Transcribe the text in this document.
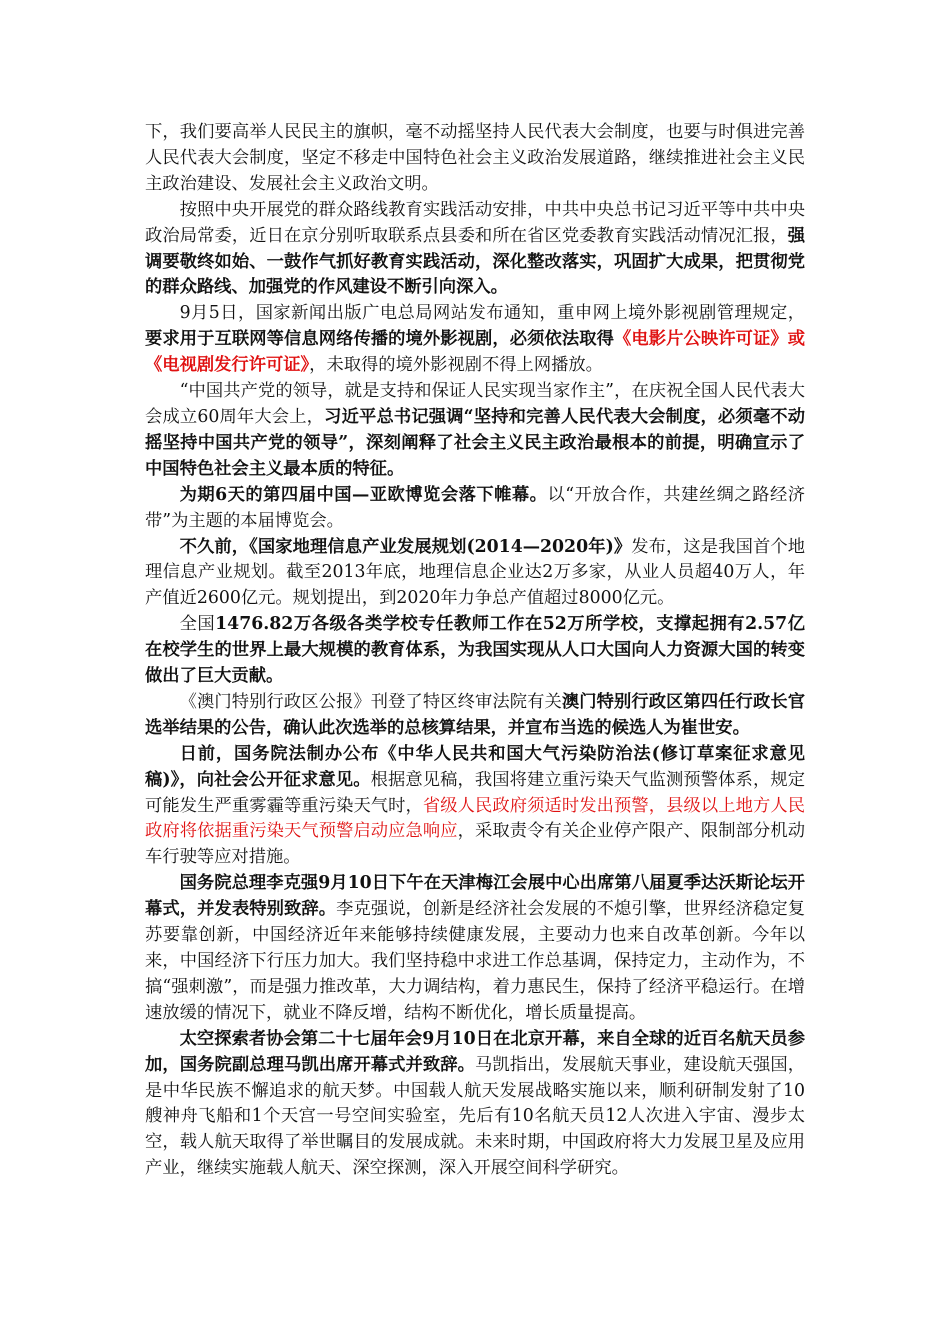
下，我们要高举人民民主的旗帜，毫不动摇坚持人民代表大会制度，也要与时俱进完善人民代表大会制度，坚定不移走中国特色社会主义政治发展道路，继续推进社会主义民主政治建设、发展社会主义政治文明。

按照中央开展党的群众路线教育实践活动安排，中共中央总书记习近平等中共中央政治局常委，近日在京分别听取联系点县委和所在省区党委教育实践活动情况汇报，强调要敬终如始、一鼓作气抓好教育实践活动，深化整改落实，巩固扩大成果，把贯彻党的群众路线、加强党的作风建设不断引向深入。

9月5日，国家新闻出版广电总局网站发布通知，重申网上境外影视剧管理规定，要求用于互联网等信息网络传播的境外影视剧，必须依法取得《电影片公映许可证》或《电视剧发行许可证》，未取得的境外影视剧不得上网播放。

“中国共产党的领导，就是支持和保证人民实现当家作主”，在庆祝全国人民代表大会成立60周年大会上，习近平总书记强调“坚持和完善人民代表大会制度，必须毫不动摇坚持中国共产党的领导”，深刻阐释了社会主义民主政治最根本的前提，明确宣示了中国特色社会主义最本质的特征。

为期6天的第四届中国—亚欧博览会落下帷幕。以“开放合作，共建丝绸之路经济带”为主题的本届博览会。

不久前，《国家地理信息产业发展规划(2014—2020年)》发布，这是我国首个地理信息产业规划。截至2013年底，地理信息企业达2万多家，从业人员超40万人，年产值近2600亿元。规划提出，到2020年力争总产值超过8000亿元。

全国1476.82万各级各类学校专任教师工作在52万所学校，支撑起拥有2.57亿在校学生的世界上最大规模的教育体系，为我国实现从人口大国向人力资源大国的转变做出了巨大贡献。

《澳门特别行政区公报》刊登了特区终审法院有关澳门特别行政区第四任行政长官选举结果的公告，确认此次选举的总核算结果，并宣布当选的候选人为崔世安。

日前，国务院法制办公布《中华人民共和国大气污染防治法(修订草案征求意见稿)》，向社会公开征求意见。根据意见稿，我国将建立重污染天气监测预警体系，规定可能发生严重雾霾等重污染天气时，省级人民政府须适时发出预警，县级以上地方人民政府将依据重污染天气预警启动应急响应，采取责令有关企业停产限产、限制部分机动车行驶等应对措施。

国务院总理李克强9月10日下午在天津梅江会展中心出席第八届夏季达沃斯论坛开幕式，并发表特别致辞。李克强说，创新是经济社会发展的不熄引擎，世界经济稳定复苏要靠创新，中国经济近年来能够持续健康发展，主要动力也来自改革创新。今年以来，中国经济下行压力加大。我们坚持稳中求进工作总基调，保持定力，主动作为，不搞“强刺激”，而是强力推改革，大力调结构，着力惠民生，保持了经济平稳运行。在增速放缓的情况下，就业不降反增，结构不断优化，增长质量提高。

太空探索者协会第二十七届年会9月10日在北京开幕，来自全球的近百名航天员参加，国务院副总理马凯出席开幕式并致辞。马凯指出，发展航天事业，建设航天强国，是中华民族不懈追求的航天梦。中国载人航天发展战略实施以来，顺利研制发射了10艘神舟飞船和1个天宫一号空间实验室，先后有10名航天员12人次进入宇宙、漫步太空，载人航天取得了举世瞩目的发展成就。未来时期，中国政府将大力发展卫星及应用产业，继续实施载人航天、深空探测，深入开展空间科学研究。
